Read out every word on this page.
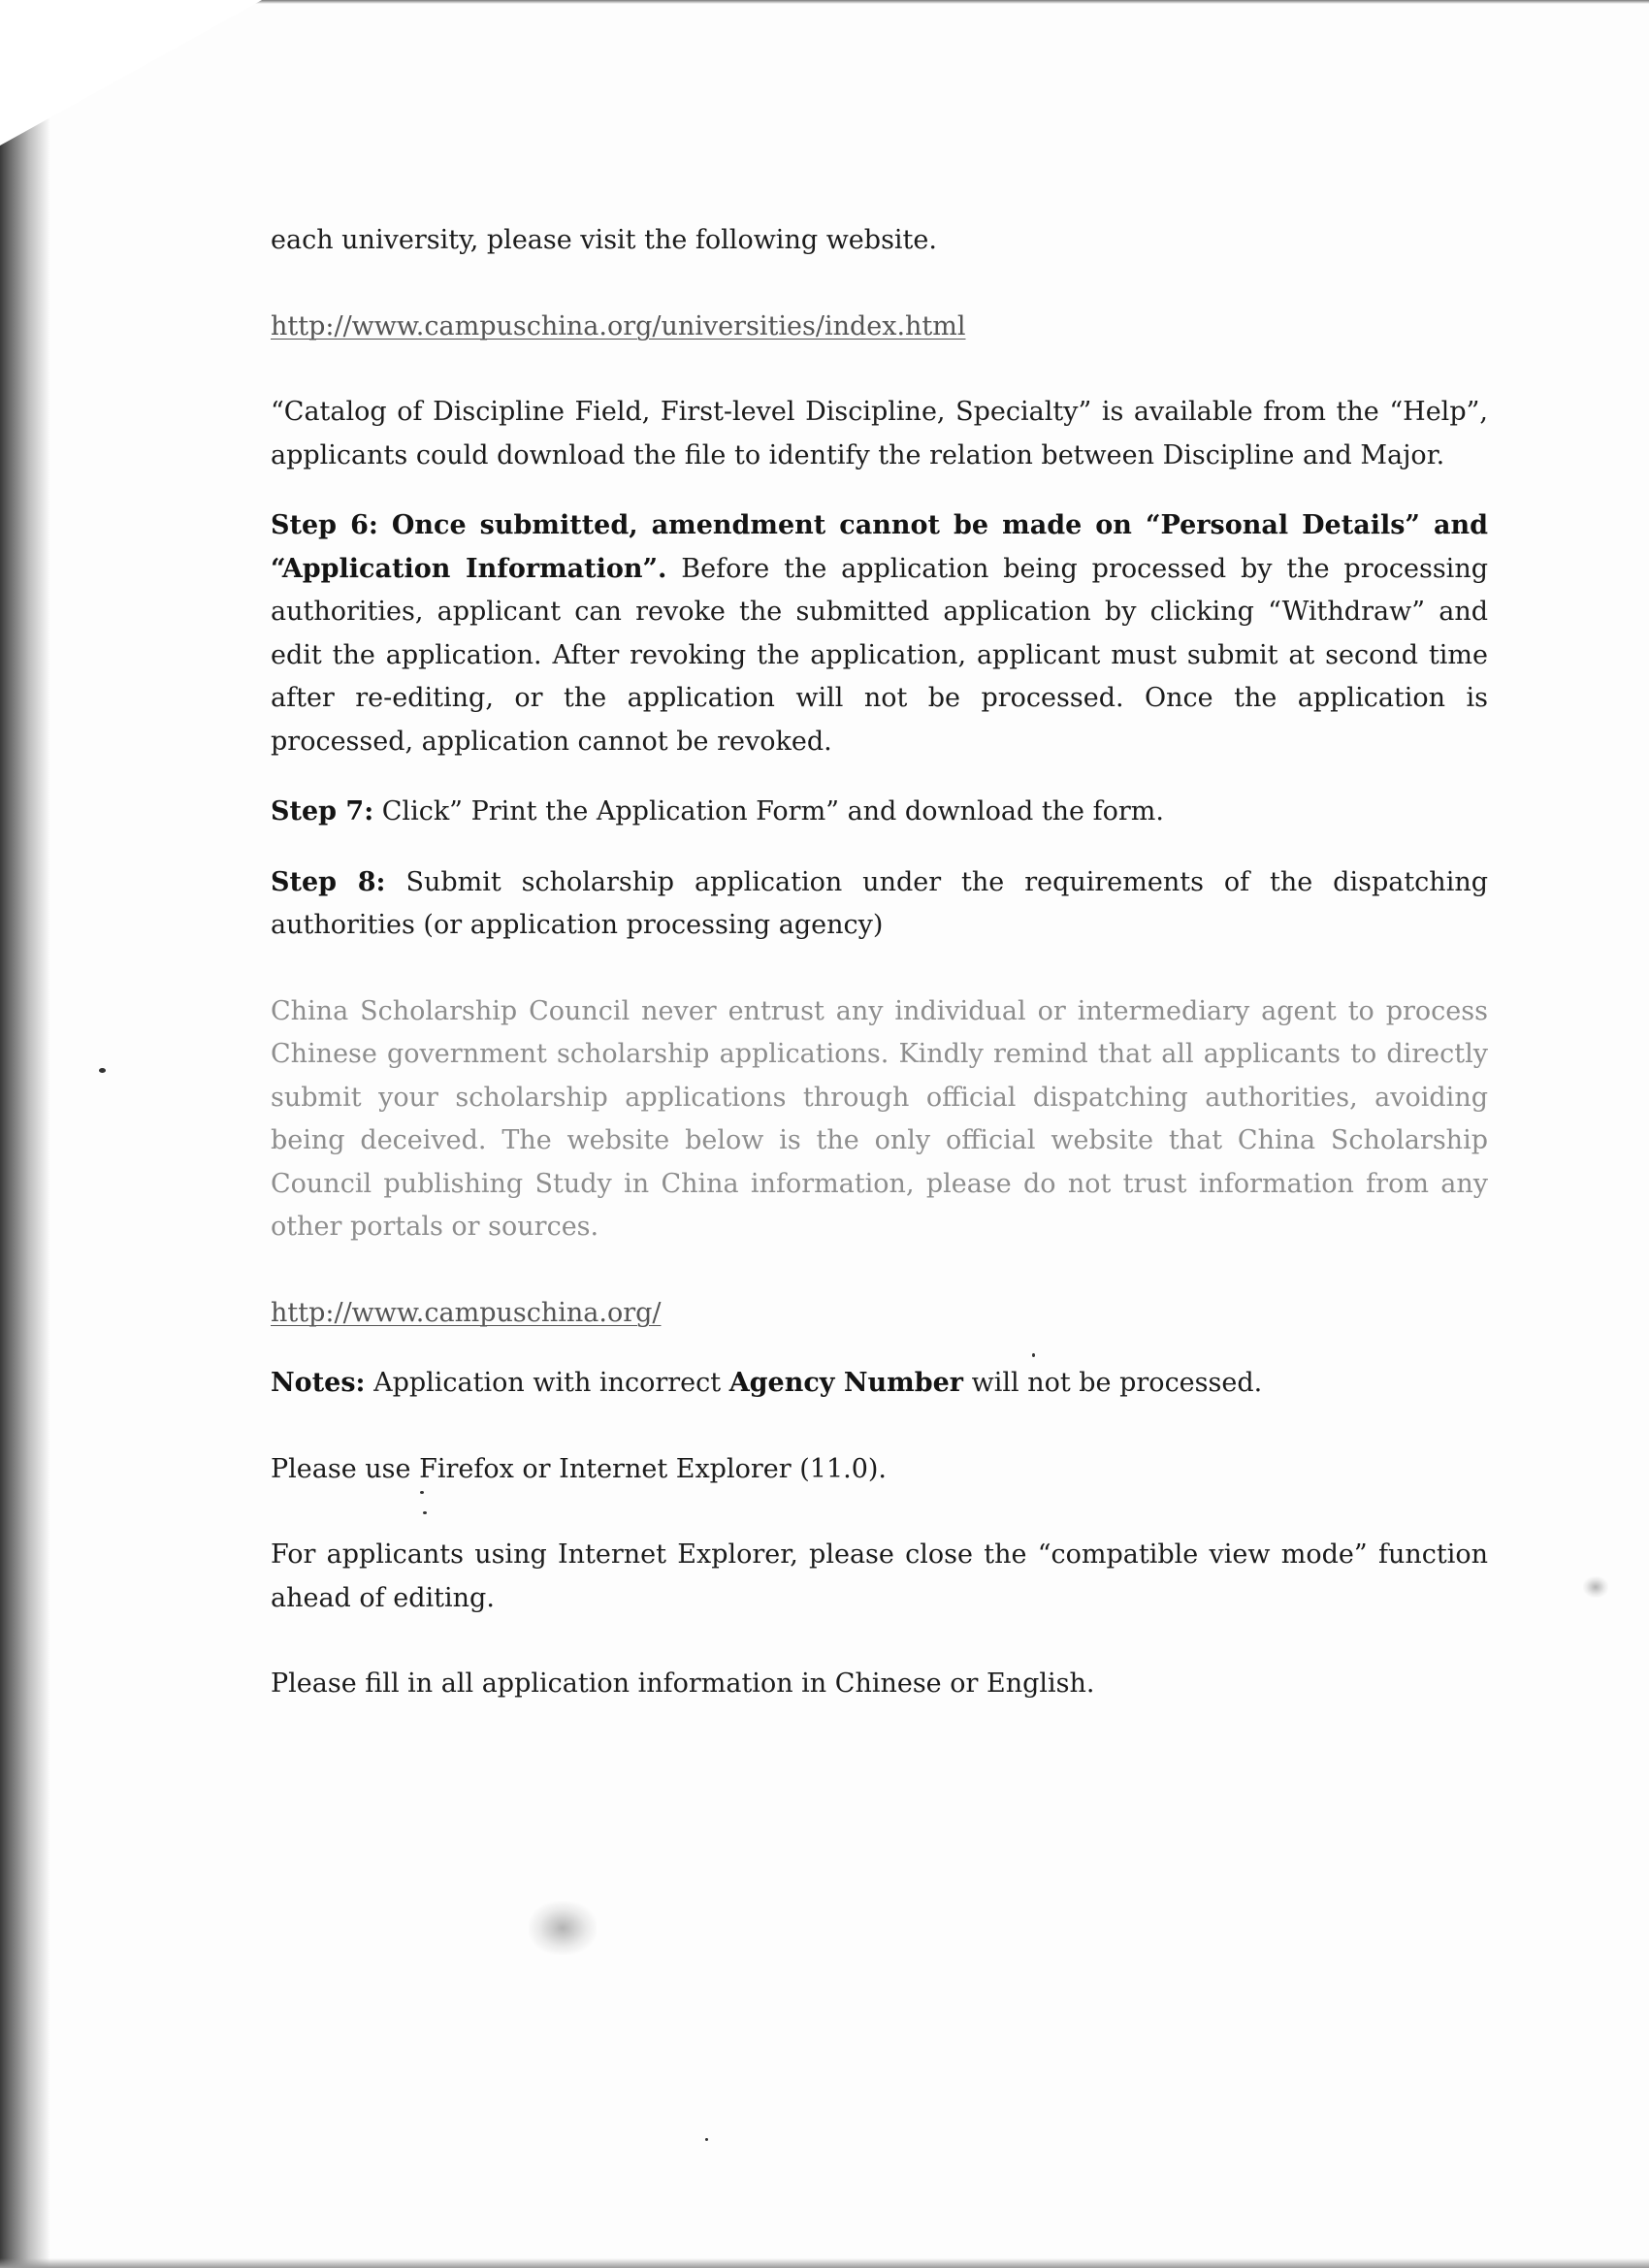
each university, please visit the following website.

http://www.campuschina.org/universities/index.html

“Catalog of Discipline Field, First-level Discipline, Specialty” is available from the “Help”, applicants could download the file to identify the relation between Discipline and Major.

Step 6: Once submitted, amendment cannot be made on “Personal Details” and “Application Information”. Before the application being processed by the processing authorities, applicant can revoke the submitted application by clicking “Withdraw” and edit the application. After revoking the application, applicant must submit at second time after re-editing, or the application will not be processed. Once the application is processed, application cannot be revoked.

Step 7: Click” Print the Application Form” and download the form.

Step 8: Submit scholarship application under the requirements of the dispatching authorities (or application processing agency)

China Scholarship Council never entrust any individual or intermediary agent to process Chinese government scholarship applications. Kindly remind that all applicants to directly submit your scholarship applications through official dispatching authorities, avoiding being deceived. The website below is the only official website that China Scholarship Council publishing Study in China information, please do not trust information from any other portals or sources.

http://www.campuschina.org/

Notes: Application with incorrect Agency Number will not be processed.

Please use Firefox or Internet Explorer (11.0).

For applicants using Internet Explorer, please close the “compatible view mode” function ahead of editing.

Please fill in all application information in Chinese or English.
